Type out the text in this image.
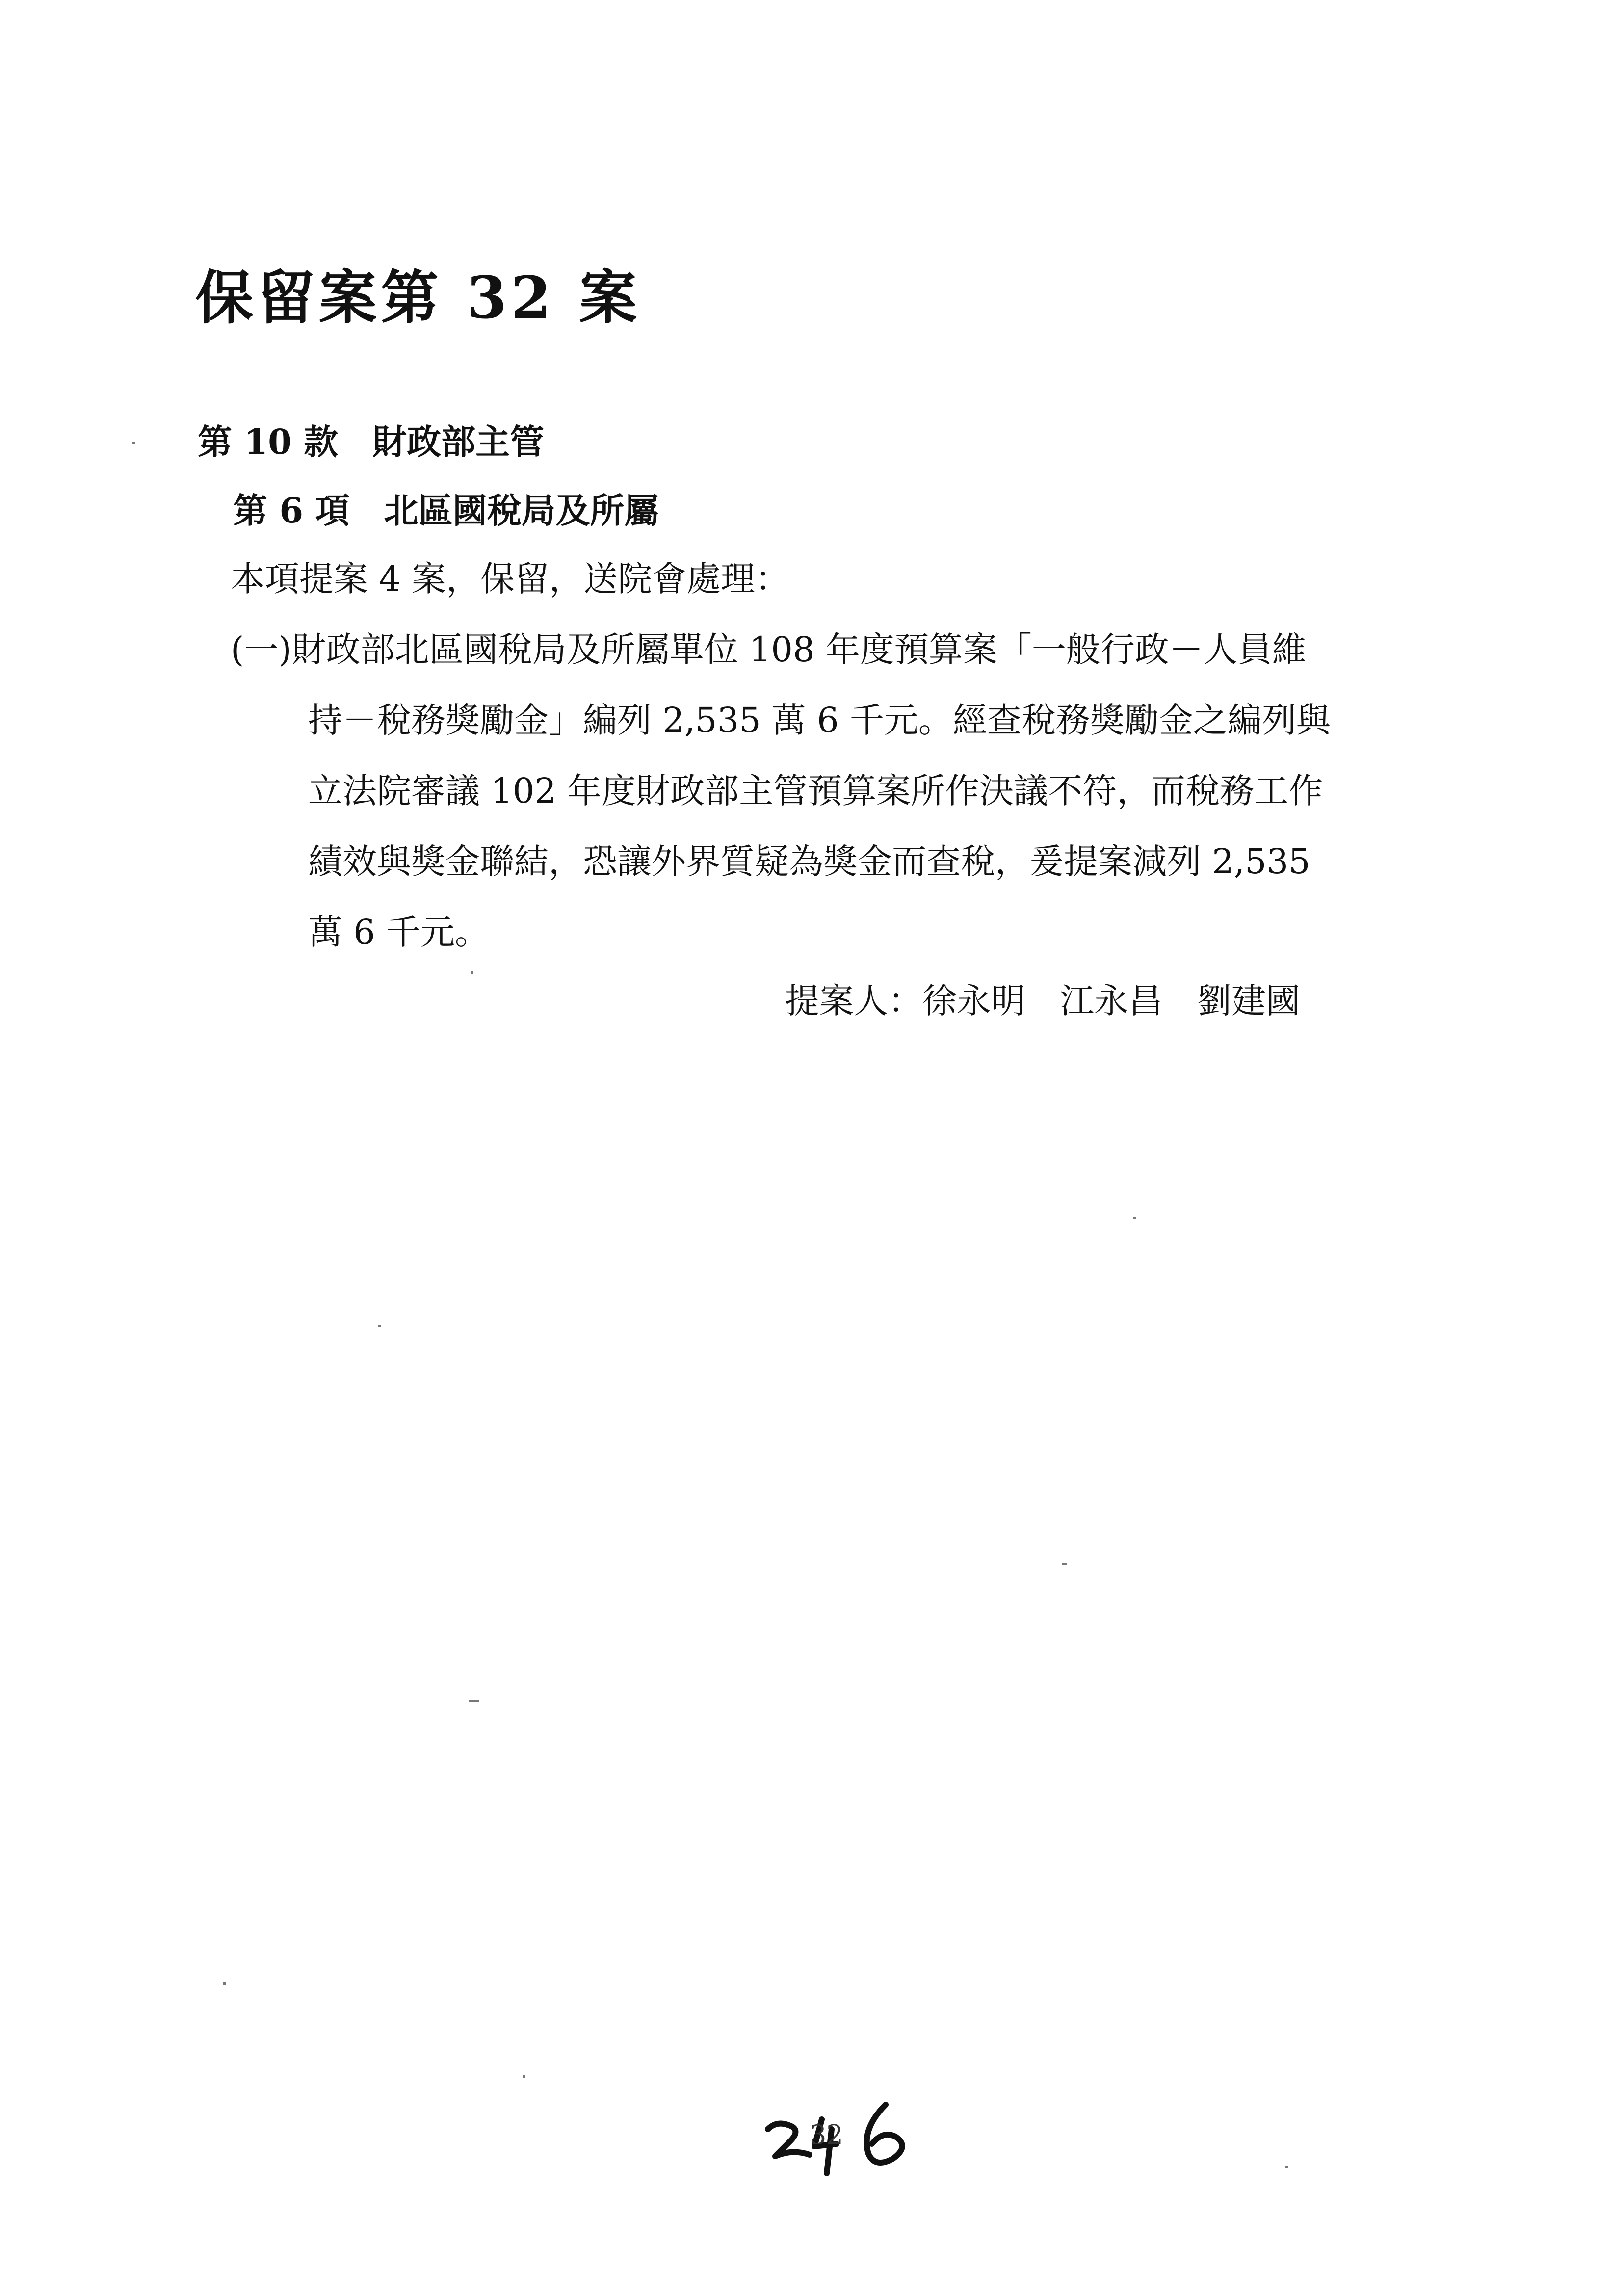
保留案第 32 案
第 10 款 財政部主管
第 6 項 北區國稅局及所屬
本項提案 4 案，保留，送院會處理：
(一)財政部北區國稅局及所屬單位 108 年度預算案「一般行政－人員維
持－稅務獎勵金」編列 2,535 萬 6 千元。經查稅務獎勵金之編列與
立法院審議 102 年度財政部主管預算案所作決議不符，而稅務工作
績效與獎金聯結，恐讓外界質疑為獎金而查稅，爰提案減列 2,535
萬 6 千元。
提案人：徐永明 江永昌 劉建國
32
